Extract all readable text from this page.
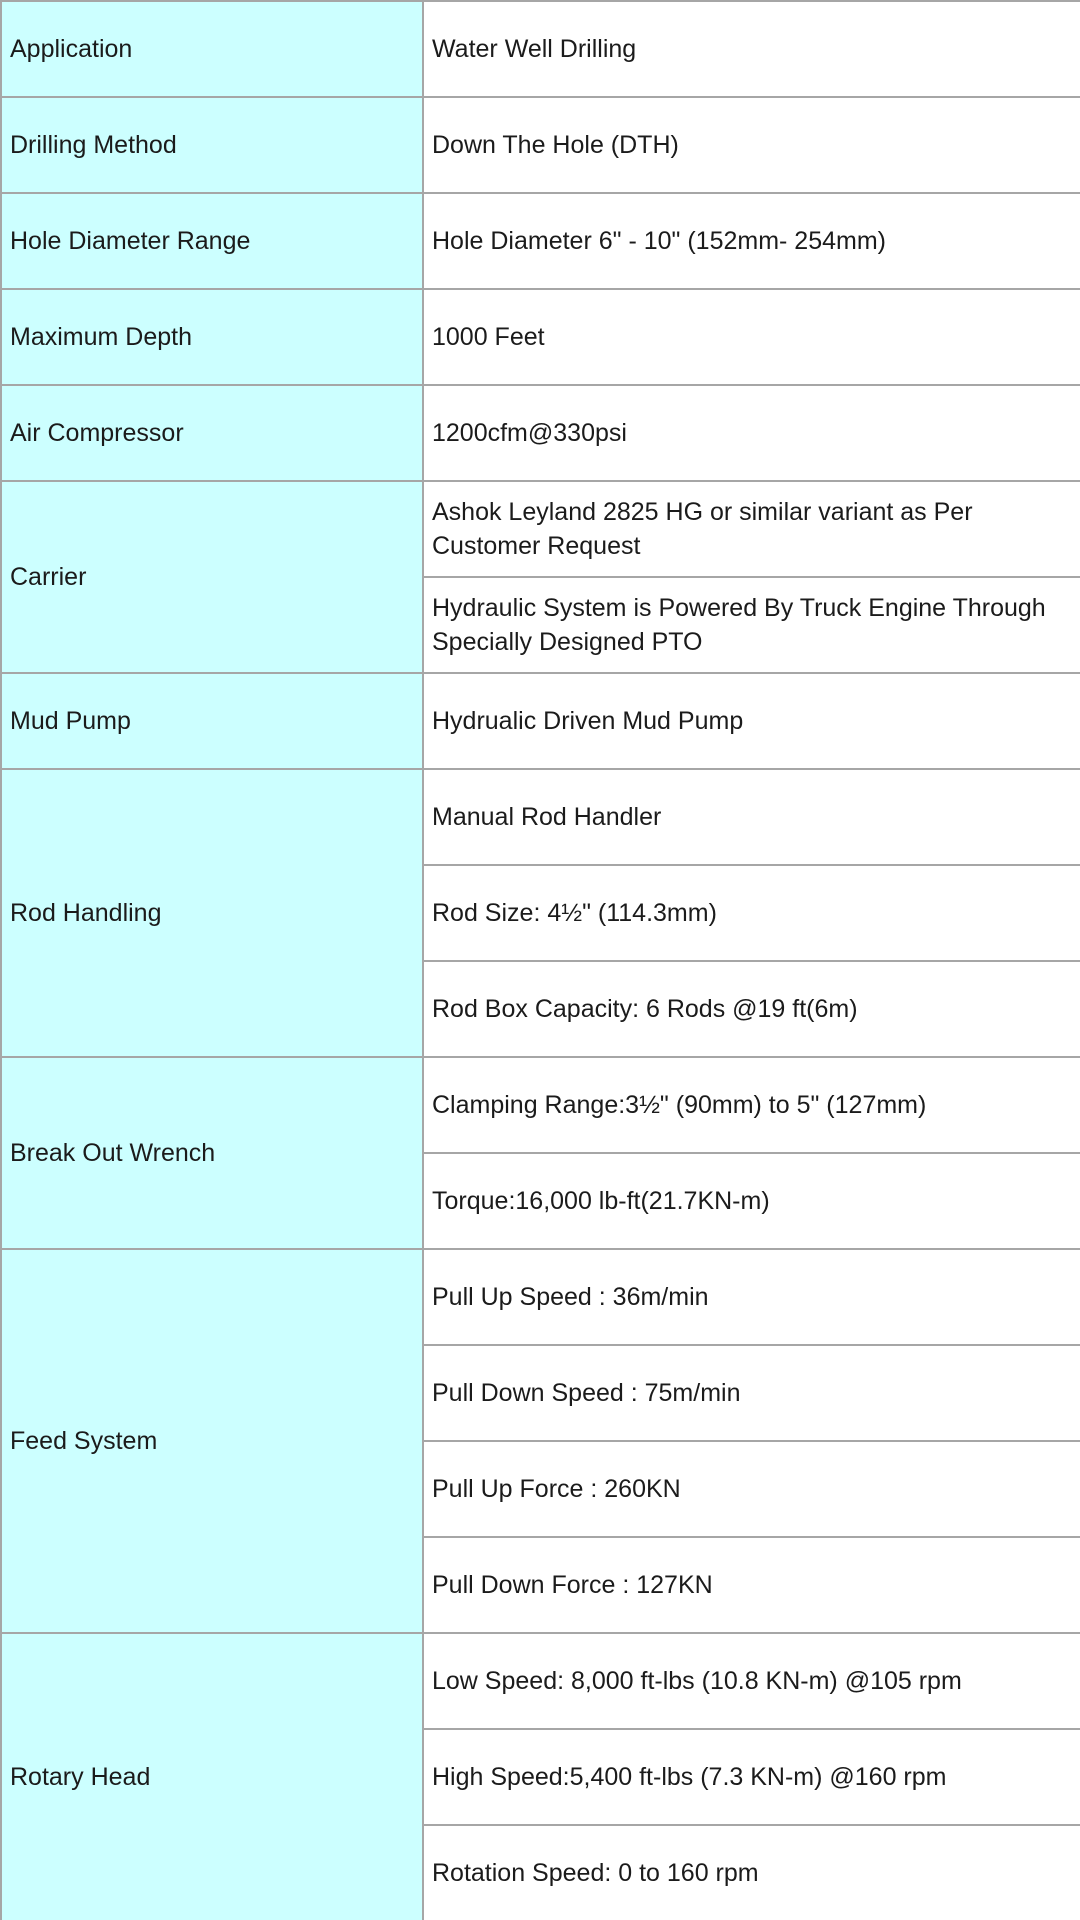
Application	Water Well Drilling
Drilling Method	Down The Hole (DTH)
Hole Diameter Range	Hole Diameter 6" - 10" (152mm- 254mm)
Maximum Depth	1000 Feet
Air Compressor	1200cfm@330psi
Carrier	Ashok Leyland 2825 HG or similar variant as Per Customer Request
	Hydraulic System is Powered By Truck Engine Through Specially Designed PTO
Mud Pump	Hydrualic Driven Mud Pump
Rod Handling	Manual Rod Handler
	Rod Size: 4½" (114.3mm)
	Rod Box Capacity: 6 Rods @19 ft(6m)
Break Out Wrench	Clamping Range:3½" (90mm) to 5" (127mm)
	Torque:16,000 lb-ft(21.7KN-m)
Feed System	Pull Up Speed : 36m/min
	Pull Down Speed : 75m/min
	Pull Up Force : 260KN
	Pull Down Force : 127KN
Rotary Head	Low Speed: 8,000 ft-lbs (10.8 KN-m) @105 rpm
	High Speed:5,400 ft-lbs (7.3 KN-m) @160 rpm
	Rotation Speed: 0 to 160 rpm
